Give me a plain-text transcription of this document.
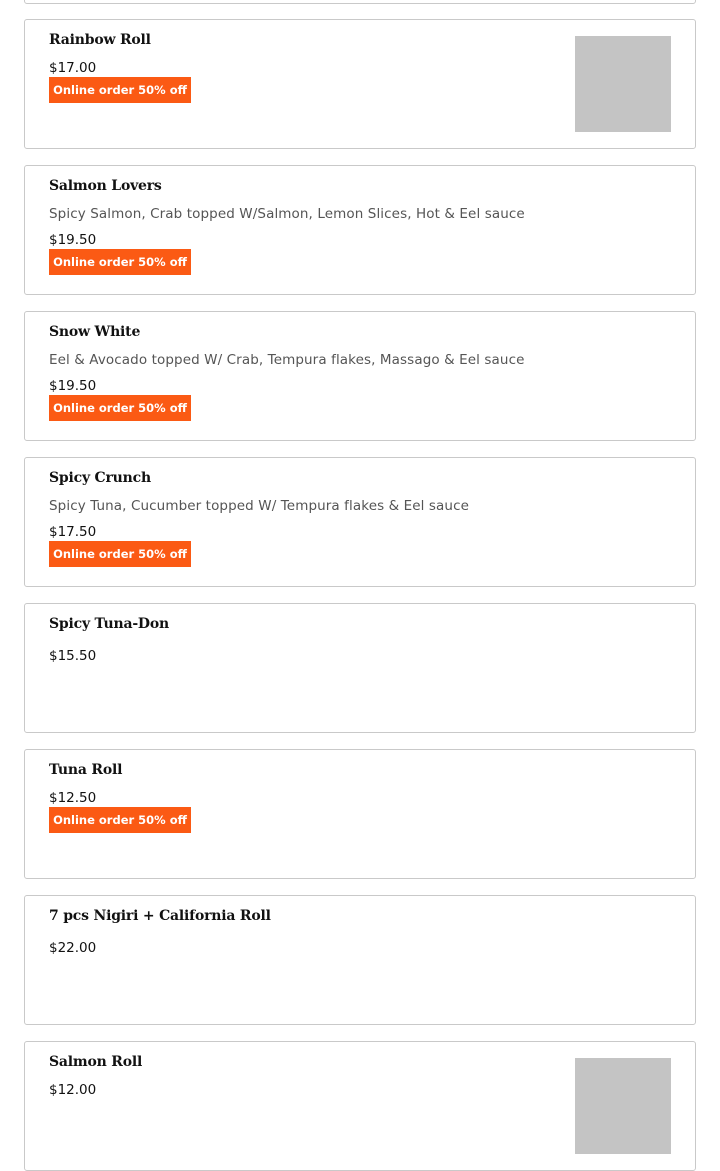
Rainbow Roll
$17.00
Online order 50% off
Salmon Lovers
Spicy Salmon, Crab topped W/Salmon, Lemon Slices, Hot & Eel sauce
$19.50
Online order 50% off
Snow White
Eel & Avocado topped W/ Crab, Tempura flakes, Massago & Eel sauce
$19.50
Online order 50% off
Spicy Crunch
Spicy Tuna, Cucumber topped W/ Tempura flakes & Eel sauce
$17.50
Online order 50% off
Spicy Tuna-Don
$15.50
Tuna Roll
$12.50
Online order 50% off
7 pcs Nigiri + California Roll
$22.00
Salmon Roll
$12.00
